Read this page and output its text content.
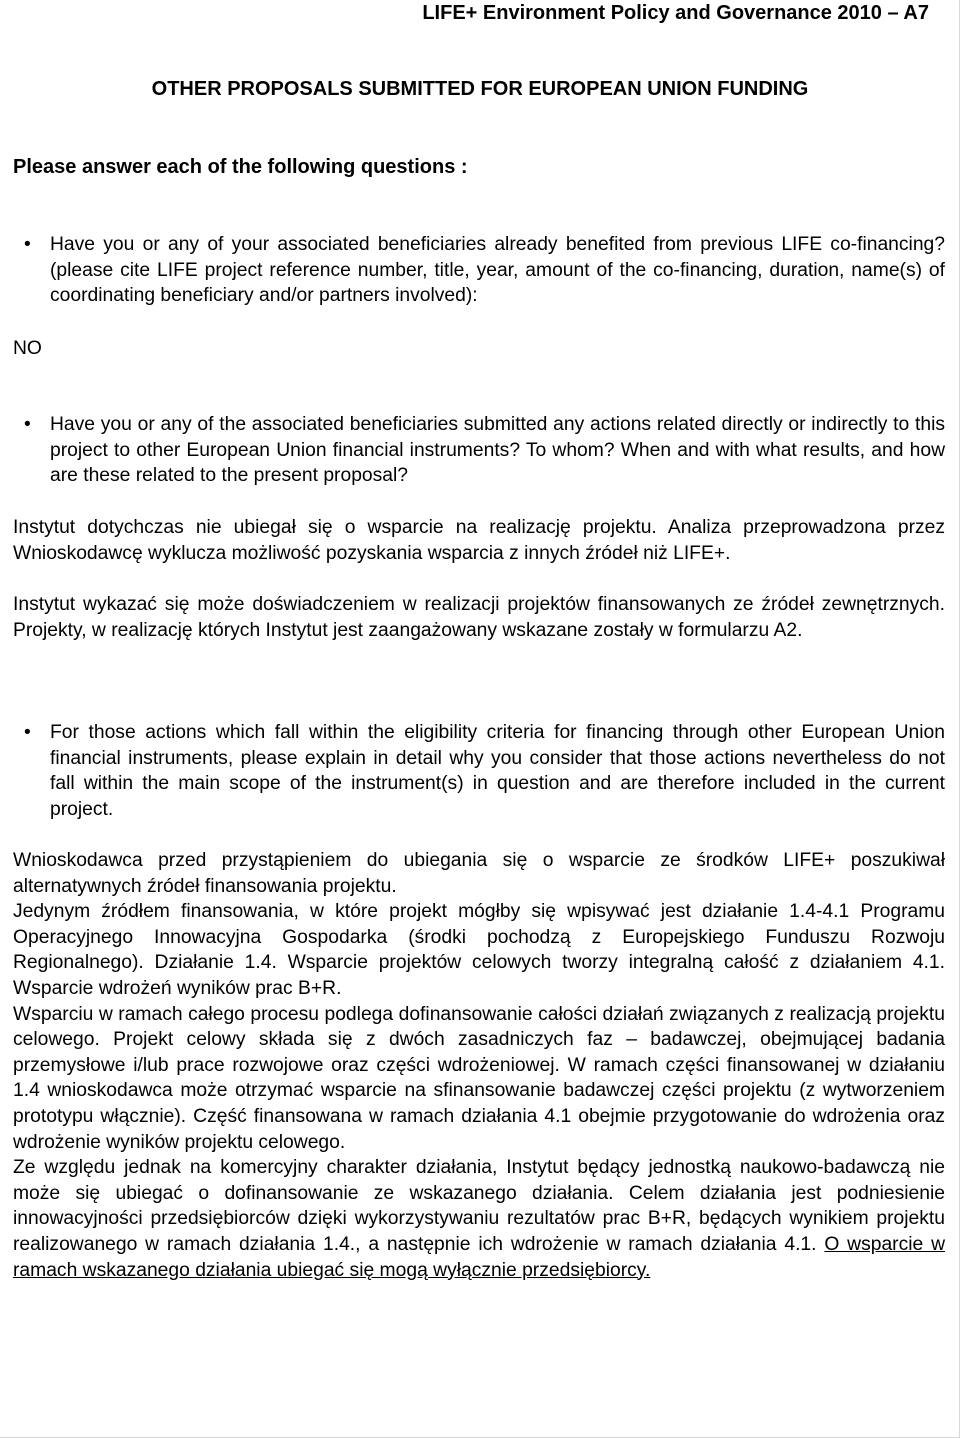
LIFE+ Environment Policy and Governance 2010 – A7
OTHER PROPOSALS SUBMITTED FOR EUROPEAN UNION FUNDING
Please answer each of the following questions :
• Have you or any of your associated beneficiaries already benefited from previous LIFE co-financing? (please cite LIFE project reference number, title, year, amount of the co-financing, duration, name(s) of coordinating beneficiary and/or partners involved):
NO
• Have you or any of the associated beneficiaries submitted any actions related directly or indirectly to this project to other European Union financial instruments? To whom? When and with what results, and how are these related to the present proposal?

Instytut dotychczas nie ubiegał się o wsparcie na realizację projektu. Analiza przeprowadzona przez Wnioskodawcę wyklucza możliwość pozyskania wsparcia z innych źródeł niż LIFE+.

Instytut wykazać się może doświadczeniem w realizacji projektów finansowanych ze źródeł zewnętrznych. Projekty, w realizację których Instytut jest zaangażowany wskazane zostały w formularzu A2.

• For those actions which fall within the eligibility criteria for financing through other European Union financial instruments, please explain in detail why you consider that those actions nevertheless do not fall within the main scope of the instrument(s) in question and are therefore included in the current project.

Wnioskodawca przed przystąpieniem do ubiegania się o wsparcie ze środków LIFE+ poszukiwał alternatywnych źródeł finansowania projektu.

Jedynym źródłem finansowania, w które projekt mógłby się wpisywać jest działanie 1.4-4.1 Programu Operacyjnego Innowacyjna Gospodarka (środki pochodzą z Europejskiego Funduszu Rozwoju Regionalnego). Działanie 1.4. Wsparcie projektów celowych tworzy integralną całość z działaniem 4.1. Wsparcie wdrożeń wyników prac B+R.

Wsparciu w ramach całego procesu podlega dofinansowanie całości działań związanych z realizacją projektu celowego. Projekt celowy składa się z dwóch zasadniczych faz – badawczej, obejmującej badania przemysłowe i/lub prace rozwojowe oraz części wdrożeniowej. W ramach części finansowanej w działaniu 1.4 wnioskodawca może otrzymać wsparcie na sfinansowanie badawczej części projektu (z wytworzeniem prototypu włącznie). Część finansowana w ramach działania 4.1 obejmie przygotowanie do wdrożenia oraz wdrożenie wyników projektu celowego.

Ze względu jednak na komercyjny charakter działania, Instytut będący jednostką naukowo-badawczą nie może się ubiegać o dofinansowanie ze wskazanego działania. Celem działania jest podniesienie innowacyjności przedsiębiorców dzięki wykorzystywaniu rezultatów prac B+R, będących wynikiem projektu realizowanego w ramach działania 1.4., a następnie ich wdrożenie w ramach działania 4.1. O wsparcie w ramach wskazanego działania ubiegać się mogą wyłącznie przedsiębiorcy.
